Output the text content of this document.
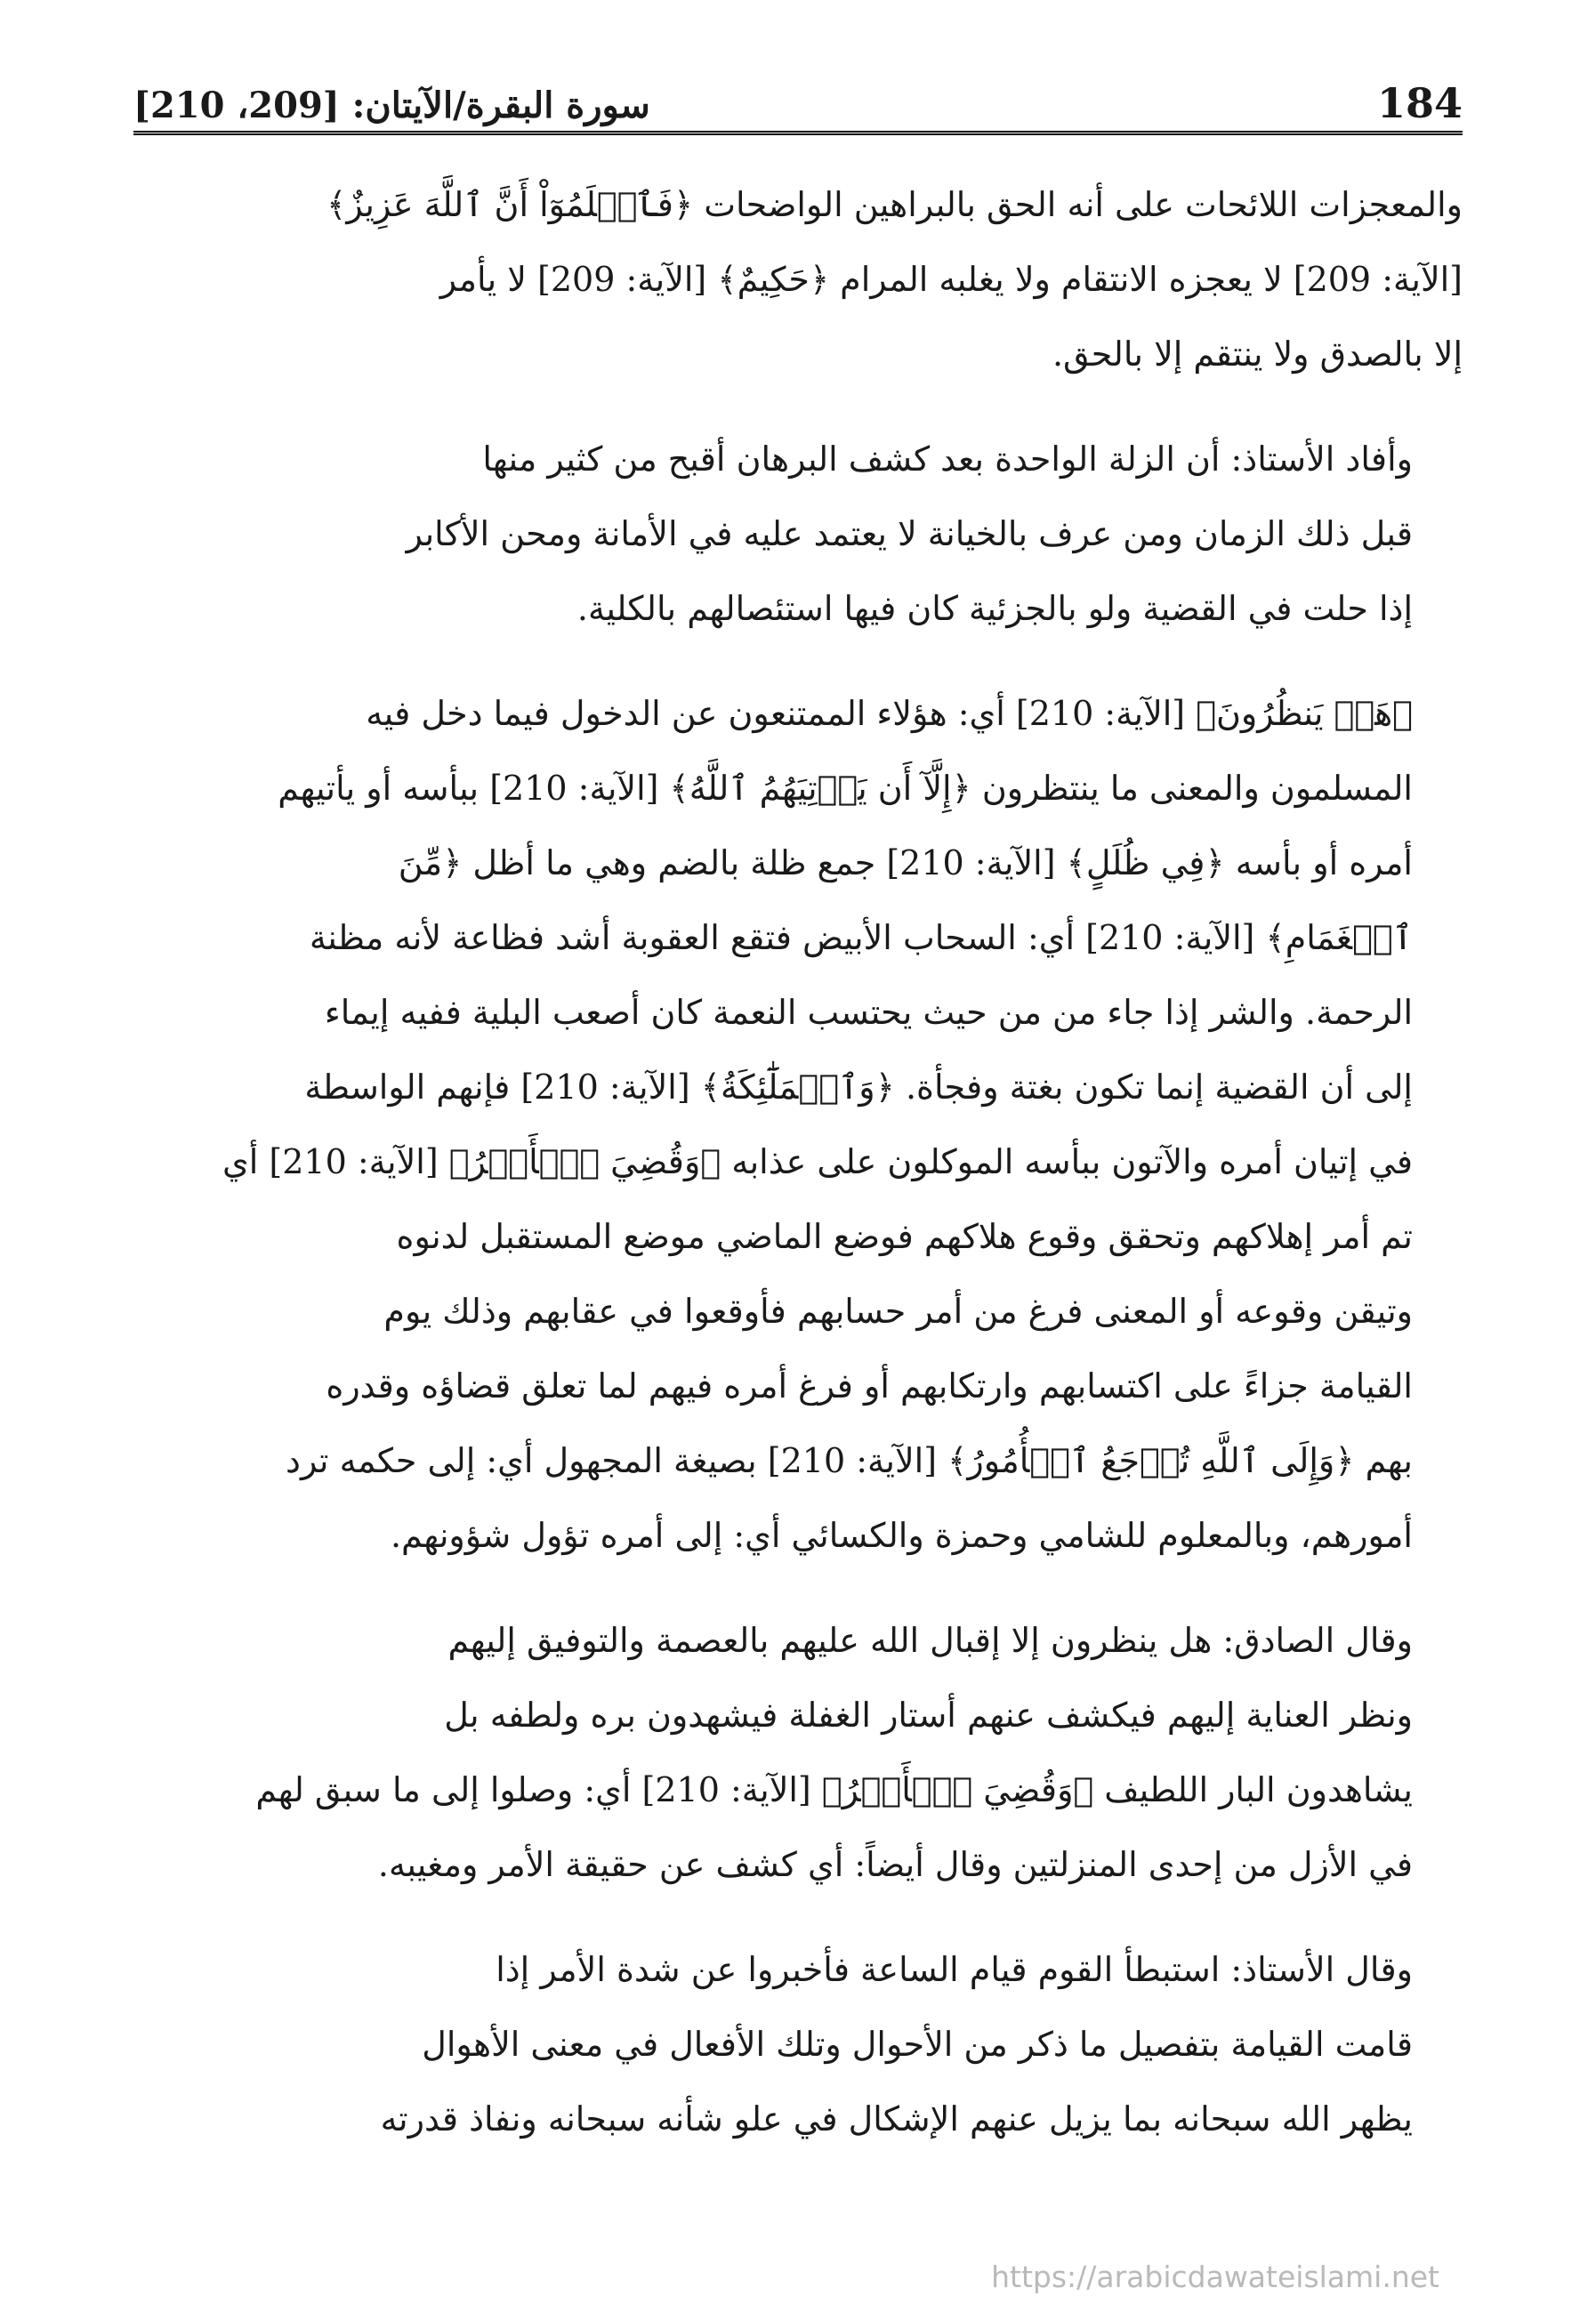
184
سورة البقرة/الآيتان: [209، 210]

والمعجزات اللائحات على أنه الحق بالبراهين الواضحات ﴿فَٱعۡلَمُوٓاْ أَنَّ ٱللَّهَ عَزِيزٌ﴾
[الآية: 209] لا يعجزه الانتقام ولا يغلبه المرام ﴿حَكِيمٌ﴾ [الآية: 209] لا يأمر
إلا بالصدق ولا ينتقم إلا بالحق.

وأفاد الأستاذ: أن الزلة الواحدة بعد كشف البرهان أقبح من كثير منها
قبل ذلك الزمان ومن عرف بالخيانة لا يعتمد عليه في الأمانة ومحن الأكابر
إذا حلت في القضية ولو بالجزئية كان فيها استئصالهم بالكلية.

﴿هَلۡ يَنظُرُونَ﴾ [الآية: 210] أي: هؤلاء الممتنعون عن الدخول فيما دخل فيه
المسلمون والمعنى ما ينتظرون ﴿إِلَّآ أَن يَأۡتِيَهُمُ ٱللَّهُ﴾ [الآية: 210] ببأسه أو يأتيهم
أمره أو بأسه ﴿فِي ظُلَلٍ﴾ [الآية: 210] جمع ظلة بالضم وهي ما أظل ﴿مِّنَ
ٱلۡغَمَامِ﴾ [الآية: 210] أي: السحاب الأبيض فتقع العقوبة أشد فظاعة لأنه مظنة
الرحمة. والشر إذا جاء من من حيث يحتسب النعمة كان أصعب البلية ففيه إيماء
إلى أن القضية إنما تكون بغتة وفجأة. ﴿وَٱلۡمَلَٰٓئِكَةُ﴾ [الآية: 210] فإنهم الواسطة
في إتيان أمره والآتون ببأسه الموكلون على عذابه ﴿وَقُضِيَ ٱلۡأَمۡرُ﴾ [الآية: 210] أي
تم أمر إهلاكهم وتحقق وقوع هلاكهم فوضع الماضي موضع المستقبل لدنوه
وتيقن وقوعه أو المعنى فرغ من أمر حسابهم فأوقعوا في عقابهم وذلك يوم
القيامة جزاءً على اكتسابهم وارتكابهم أو فرغ أمره فيهم لما تعلق قضاؤه وقدره
بهم ﴿وَإِلَى ٱللَّهِ تُرۡجَعُ ٱلۡأُمُورُ﴾ [الآية: 210] بصيغة المجهول أي: إلى حكمه ترد
أمورهم، وبالمعلوم للشامي وحمزة والكسائي أي: إلى أمره تؤول شؤونهم.

وقال الصادق: هل ينظرون إلا إقبال الله عليهم بالعصمة والتوفيق إليهم
ونظر العناية إليهم فيكشف عنهم أستار الغفلة فيشهدون بره ولطفه بل
يشاهدون البار اللطيف ﴿وَقُضِيَ ٱلۡأَمۡرُ﴾ [الآية: 210] أي: وصلوا إلى ما سبق لهم
في الأزل من إحدى المنزلتين وقال أيضاً: أي كشف عن حقيقة الأمر ومغيبه.

وقال الأستاذ: استبطأ القوم قيام الساعة فأخبروا عن شدة الأمر إذا
قامت القيامة بتفصيل ما ذكر من الأحوال وتلك الأفعال في معنى الأهوال
يظهر الله سبحانه بما يزيل عنهم الإشكال في علو شأنه سبحانه ونفاذ قدرته

https://arabicdawateislami.net
